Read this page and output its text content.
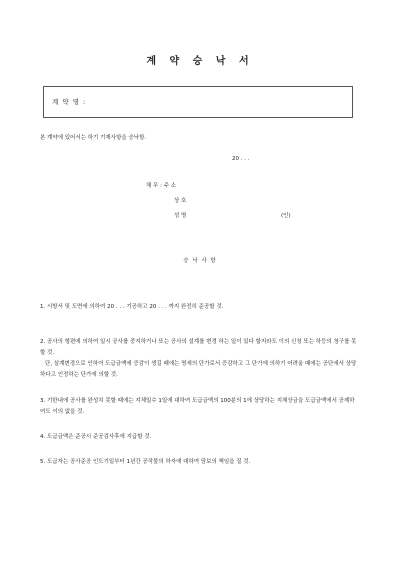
계 약 승 낙 서
계 약 명 :
본 계약에 있어서는 하기 기재사항을 승낙함.
20 . . .
채 무 : 주 소
상 호
성 명	(인)
승 낙 사 항
1. 시방서 및 도면에 의하여 20 . . . 기공하고 20 . . . 까지 완전히 준공할 것.
2. 공사의 형편에 의하여 일시 공사를 중지하거나 또는 공사의 설계를 변경 하는 일이 있다 할지라도 이의 신청 또는 하등의 청구를 못할 것.
단, 설계변경으로 인하여 도급금액에 증감이 생길 때에는 명세의 단가로서 증감하고 그 단가에 의하기 어려울 때에는 공단에서 상당하다고 인정하는 단가에 의할 것.
3. 기한내에 공사를 완성치 못할 때에는 지체일수 1일에 대하여 도급금액의 100분의 1에 상당하는 지체상금을 도급금액에서 공제하여도 이의 없을 것.
4. 도급금액은 준공시 준공검사후에 지급할 것.
5. 도급자는 공사준공 인도기일부터 1년간 공작물의 하자에 대하여 담보의 책임을 질 것.
